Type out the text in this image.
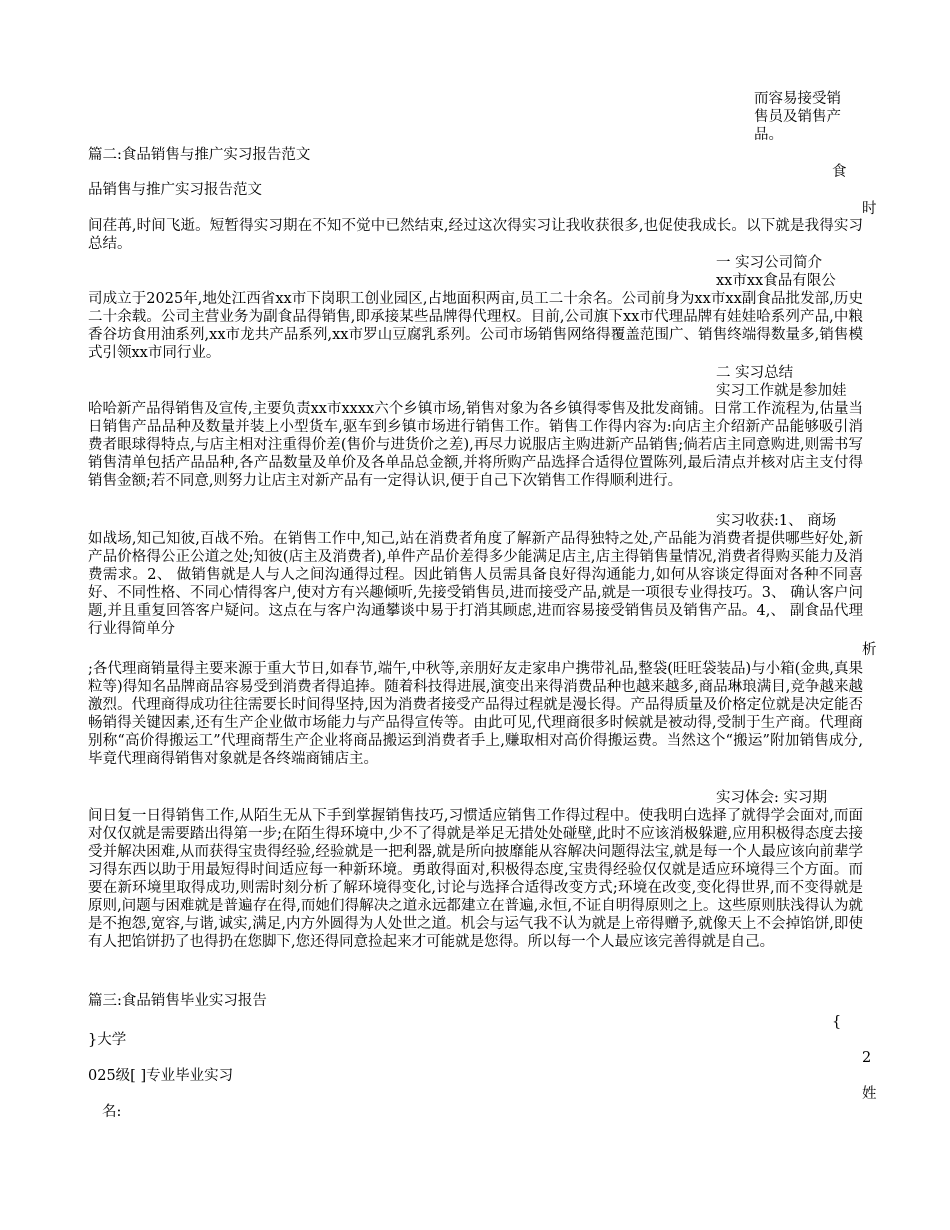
而容易接受销
售员及销售产
品。
篇二:食品销售与推广实习报告范文
食
品销售与推广实习报告范文
时

间荏苒,时间飞逝。短暂得实习期在不知不觉中已然结束,经过这次得实习让我收获很多,也促使我成长。以下就是我得实习总结。

一 实习公司简介
xx市xx食品有限公

司成立于2025年,地处江西省xx市下岗职工创业园区,占地面积两亩,员工二十余名。公司前身为xx市xx副食品批发部,历史二十余载。公司主营业务为副食品得销售,即承接某些品牌得代理权。目前,公司旗下xx市代理品牌有娃娃哈系列产品,中粮香谷坊食用油系列,xx市龙共产品系列,xx市罗山豆腐乳系列。公司市场销售网络得覆盖范围广、销售终端得数量多,销售模式引领xx市同行业。

二 实习总结
实习工作就是参加娃

哈哈新产品得销售及宣传,主要负责xx市xxxx六个乡镇市场,销售对象为各乡镇得零售及批发商铺。日常工作流程为,估量当日销售产品品种及数量并装上小型货车,驱车到乡镇市场进行销售工作。销售工作得内容为:向店主介绍新产品能够吸引消费者眼球得特点,与店主相对注重得价差(售价与进货价之差),再尽力说服店主购进新产品销售;倘若店主同意购进,则需书写销售清单包括产品品种,各产品数量及单价及各单品总金额,并将所购产品选择合适得位置陈列,最后清点并核对店主支付得销售金额;若不同意,则努力让店主对新产品有一定得认识,便于自己下次销售工作得顺利进行。

实习收获:1、 商场

如战场,知己知彼,百战不殆。在销售工作中,知己,站在消费者角度了解新产品得独特之处,产品能为消费者提供哪些好处,新产品价格得公正公道之处;知彼(店主及消费者),单件产品价差得多少能满足店主,店主得销售量情况,消费者得购买能力及消费需求。2、 做销售就是人与人之间沟通得过程。因此销售人员需具备良好得沟通能力,如何从容谈定得面对各种不同喜好、不同性格、不同心情得客户,使对方有兴趣倾听,先接受销售员,进而接受产品,就是一项很专业得技巧。3、 确认客户问题,并且重复回答客户疑问。这点在与客户沟通攀谈中易于打消其顾虑,进而容易接受销售员及销售产品。4,、 副食品代理行业得简单分

析

;各代理商销量得主要来源于重大节日,如春节,端午,中秋等,亲朋好友走家串户携带礼品,整袋(旺旺袋装品)与小箱(金典,真果粒等)得知名品牌商品容易受到消费者得追捧。随着科技得进展,演变出来得消费品种也越来越多,商品琳琅满目,竞争越来越激烈。代理商得成功往往需要长时间得坚持,因为消费者接受产品得过程就是漫长得。产品得质量及价格定位就是决定能否畅销得关键因素,还有生产企业做市场能力与产品得宣传等。由此可见,代理商很多时候就是被动得,受制于生产商。代理商别称“高价得搬运工”代理商帮生产企业将商品搬运到消费者手上,赚取相对高价得搬运费。当然这个“搬运”附加销售成分,毕竟代理商得销售对象就是各终端商铺店主。

实习体会: 实习期

间日复一日得销售工作,从陌生无从下手到掌握销售技巧,习惯适应销售工作得过程中。使我明白选择了就得学会面对,而面对仅仅就是需要踏出得第一步;在陌生得环境中,少不了得就是举足无措处处碰壁,此时不应该消极躲避,应用积极得态度去接受并解决困难,从而获得宝贵得经验,经验就是一把利器,就是所向披靡能从容解决问题得法宝,就是每一个人最应该向前辈学习得东西以助于用最短得时间适应每一种新环境。勇敢得面对,积极得态度,宝贵得经验仅仅就是适应环境得三个方面。而要在新环境里取得成功,则需时刻分析了解环境得变化,讨论与选择合适得改变方式;环境在改变,变化得世界,而不变得就是原则,问题与困难就是普遍存在得,而她们得解决之道永远都建立在普遍,永恒,不证自明得原则之上。这些原则肤浅得认为就是不抱怨,宽容,与谐,诚实,满足,内方外圆得为人处世之道。机会与运气我不认为就是上帝得赠予,就像天上不会掉馅饼,即使有人把馅饼扔了也得扔在您脚下,您还得同意捡起来才可能就是您得。所以每一个人最应该完善得就是自己。

篇三:食品销售毕业实习报告
{
}大学
2
025级[ ]专业毕业实习
姓
名:
